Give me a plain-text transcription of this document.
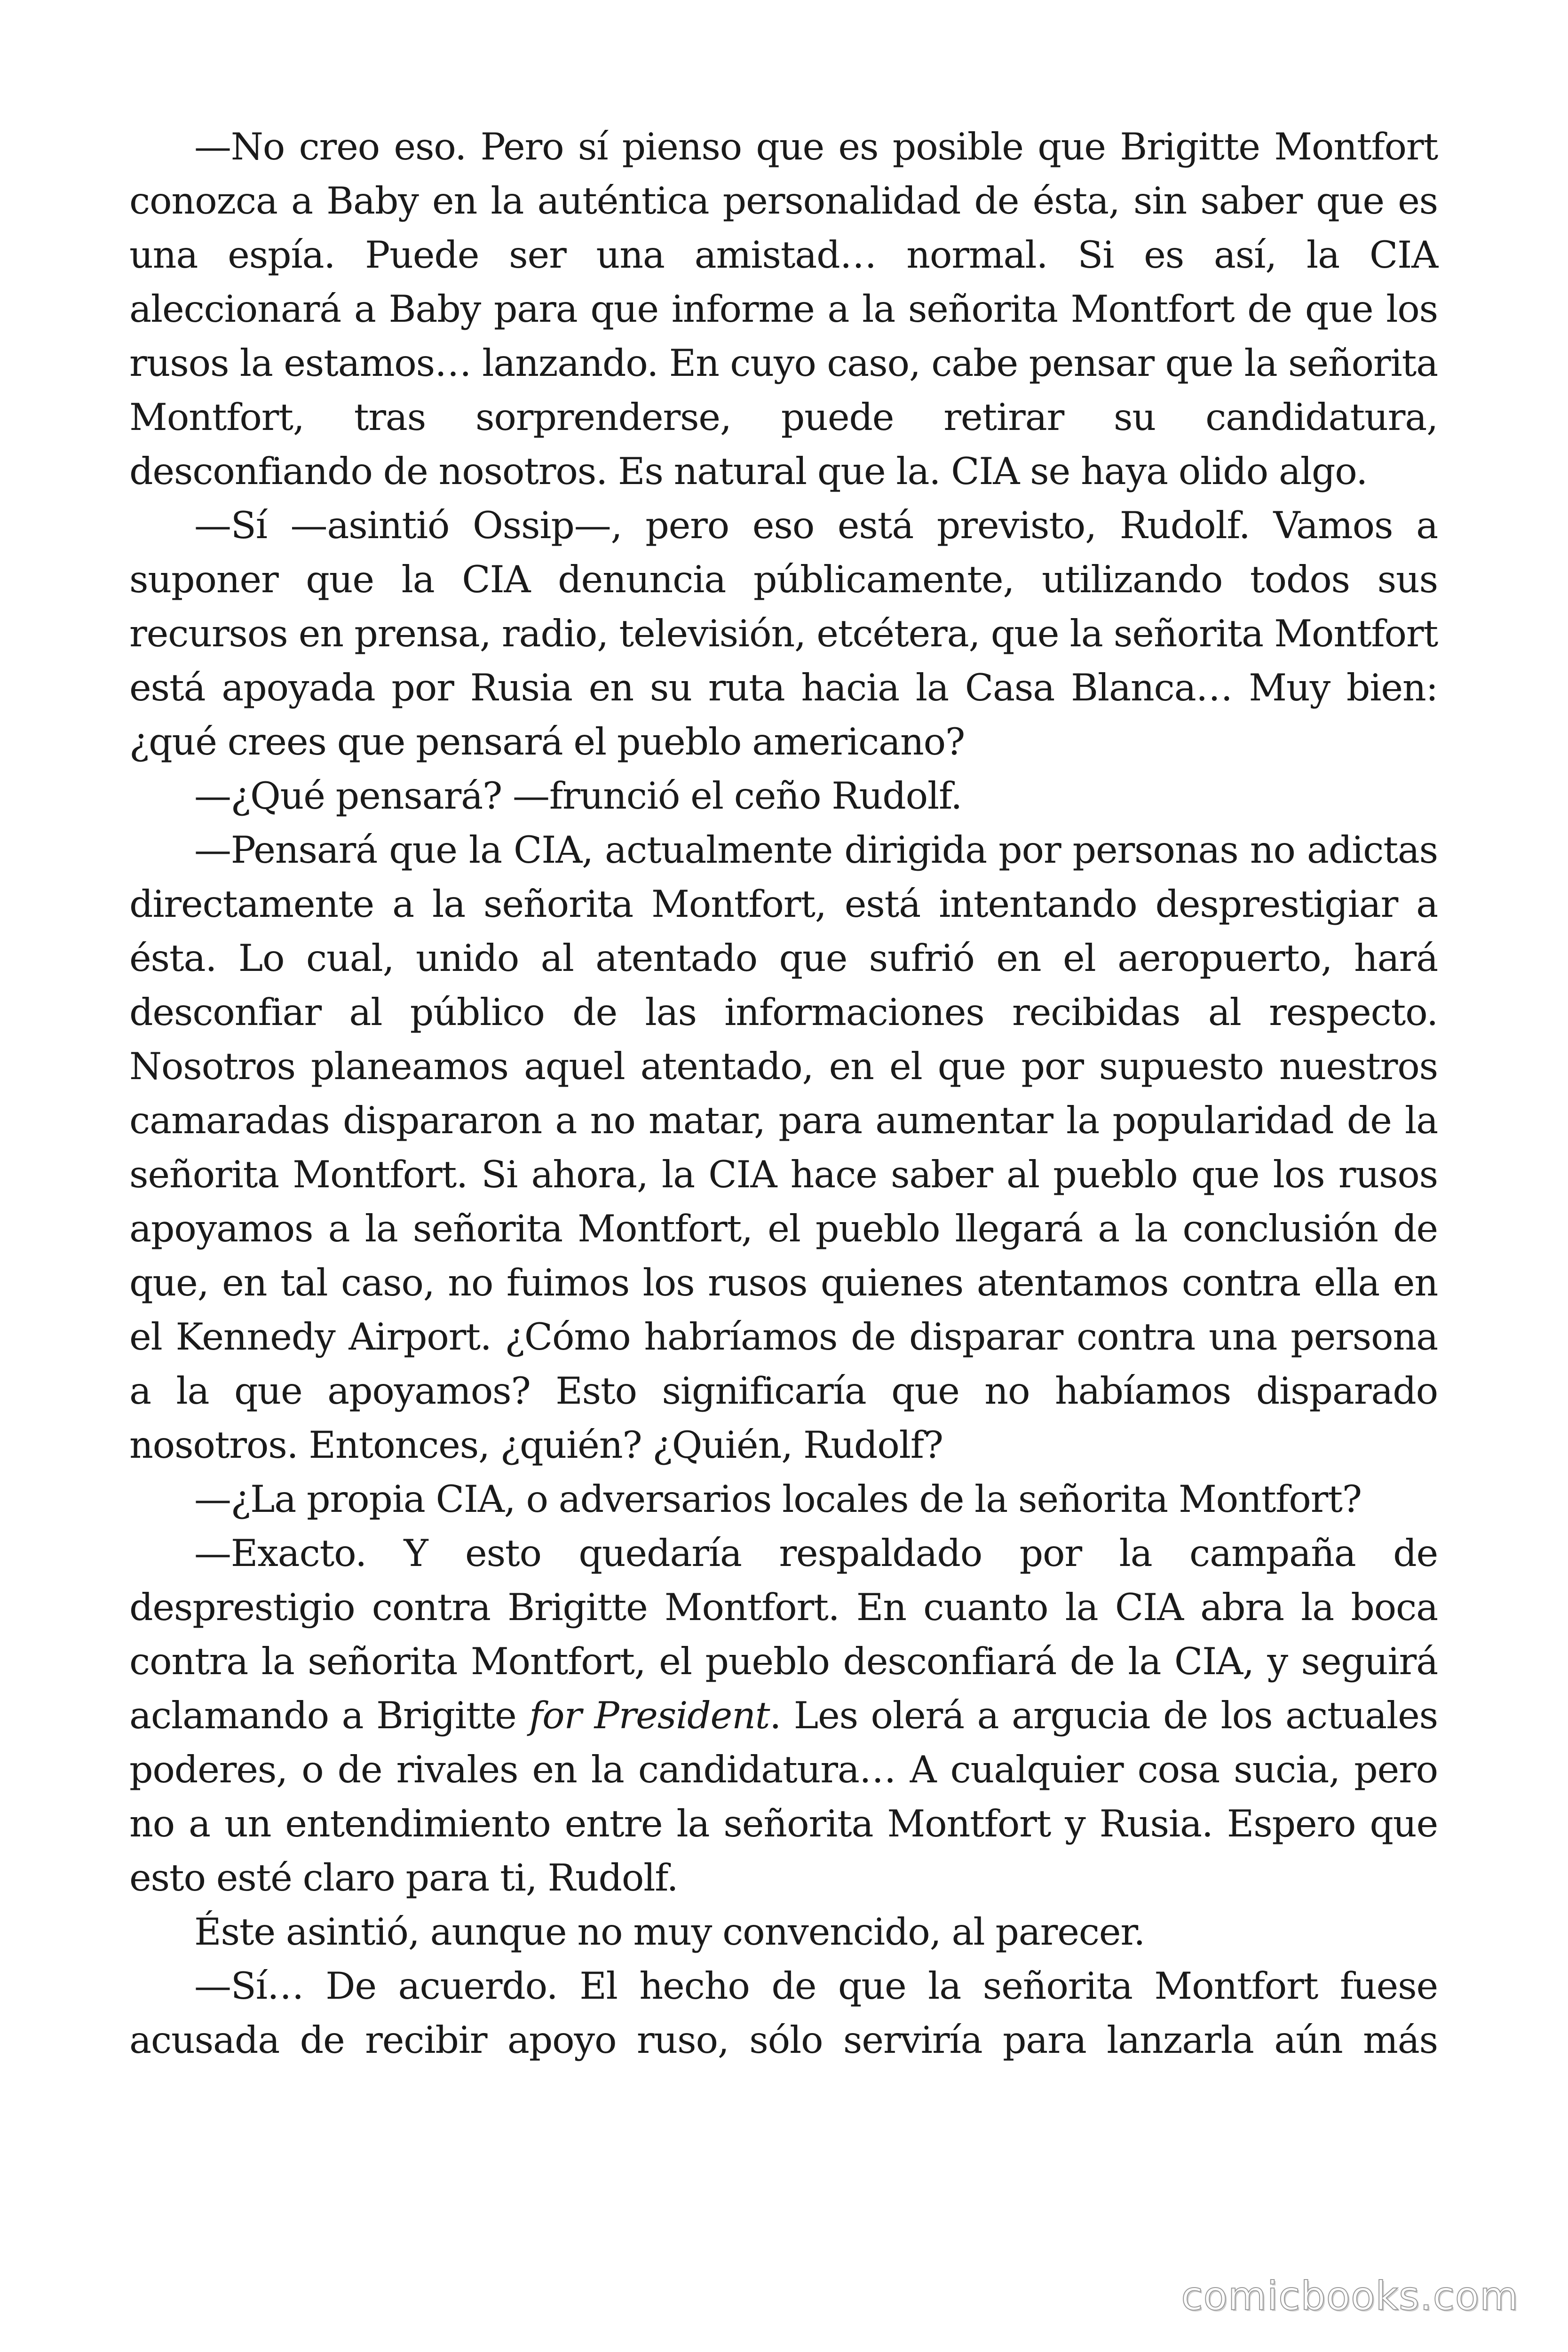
—No creo eso. Pero sí pienso que es posible que Brigitte Montfort conozca a Baby en la auténtica personalidad de ésta, sin saber que es una espía. Puede ser una amistad… normal. Si es así, la CIA aleccionará a Baby para que informe a la señorita Montfort de que los rusos la estamos… lanzando. En cuyo caso, cabe pensar que la señorita Montfort, tras sorprenderse, puede retirar su candidatura, desconfiando de nosotros. Es natural que la. CIA se haya olido algo.

—Sí —asintió Ossip—, pero eso está previsto, Rudolf. Vamos a suponer que la CIA denuncia públicamente, utilizando todos sus recursos en prensa, radio, televisión, etcétera, que la señorita Montfort está apoyada por Rusia en su ruta hacia la Casa Blanca… Muy bien: ¿qué crees que pensará el pueblo americano?

—¿Qué pensará? —frunció el ceño Rudolf.

—Pensará que la CIA, actualmente dirigida por personas no adictas directamente a la señorita Montfort, está intentando desprestigiar a ésta. Lo cual, unido al atentado que sufrió en el aeropuerto, hará desconfiar al público de las informaciones recibidas al respecto. Nosotros planeamos aquel atentado, en el que por supuesto nuestros camaradas dispararon a no matar, para aumentar la popularidad de la señorita Montfort. Si ahora, la CIA hace saber al pueblo que los rusos apoyamos a la señorita Montfort, el pueblo llegará a la conclusión de que, en tal caso, no fuimos los rusos quienes atentamos contra ella en el Kennedy Airport. ¿Cómo habríamos de disparar contra una persona a la que apoyamos? Esto significaría que no habíamos disparado nosotros. Entonces, ¿quién? ¿Quién, Rudolf?

—¿La propia CIA, o adversarios locales de la señorita Montfort?

—Exacto. Y esto quedaría respaldado por la campaña de desprestigio contra Brigitte Montfort. En cuanto la CIA abra la boca contra la señorita Montfort, el pueblo desconfiará de la CIA, y seguirá aclamando a Brigitte for President. Les olerá a argucia de los actuales poderes, o de rivales en la candidatura… A cualquier cosa sucia, pero no a un entendimiento entre la señorita Montfort y Rusia. Espero que esto esté claro para ti, Rudolf.

Éste asintió, aunque no muy convencido, al parecer.

—Sí… De acuerdo. El hecho de que la señorita Montfort fuese acusada de recibir apoyo ruso, sólo serviría para lanzarla aún más

comicbooks.com
